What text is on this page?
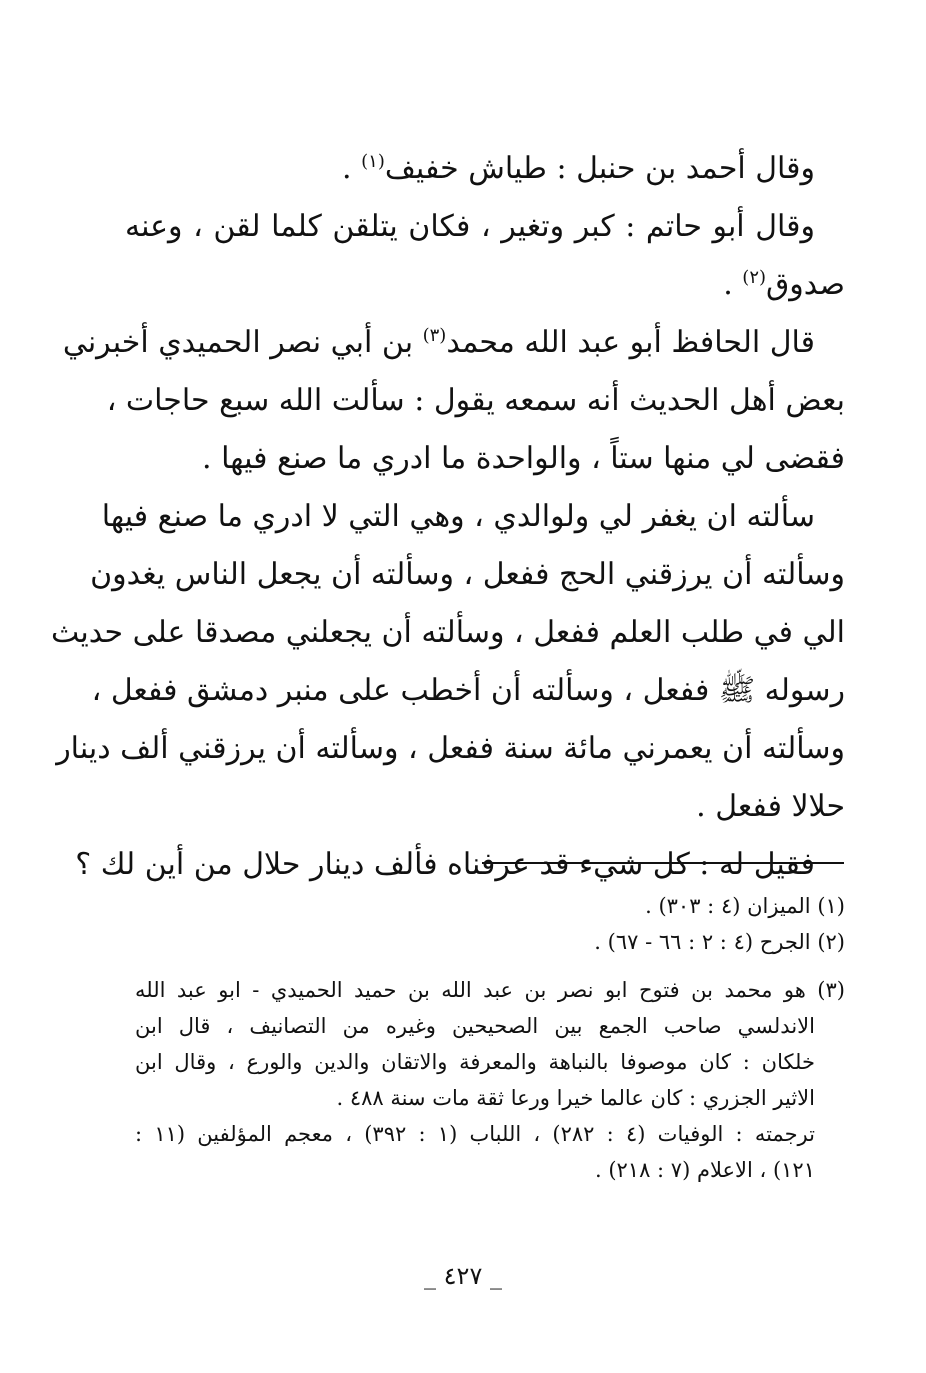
وقال أحمد بن حنبل : طياش خفيف$^{(١)}$ .
وقال أبو حاتم : كبر وتغير ، فكان يتلقن كلما لقن ، وعنه
صدوق$^{(٢)}$ .
قال الحافظ أبو عبد الله محمد$^{(٣)}$ بن أبي نصر الحميدي أخبرني
بعض أهل الحديث أنه سمعه يقول : سألت الله سبع حاجات ،
فقضى لي منها ستاً ، والواحدة ما ادري ما صنع فيها .
سألته ان يغفر لي ولوالدي ، وهي التي لا ادري ما صنع فيها
وسألته أن يرزقني الحج ففعل ، وسألته أن يجعل الناس يغدون
الي في طلب العلم ففعل ، وسألته أن يجعلني مصدقا على حديث
رسوله ﷺ ففعل ، وسألته أن أخطب على منبر دمشق ففعل ،
وسألته أن يعمرني مائة سنة ففعل ، وسألته أن يرزقني ألف دينار
حلالا ففعل .
فقيل له : كل شيء قد عرفناه فألف دينار حلال من أين لك ؟
(١) الميزان (٤ : ٣٠٣) .
(٢) الجرح (٤ : ٢ : ٦٦ - ٦٧) .
(٣) هو محمد بن فتوح ابو نصر بن عبد الله بن حميد الحميدي - ابو عبد الله
الاندلسي صاحب الجمع بين الصحيحين وغيره من التصانيف ، قال ابن
خلكان : كان موصوفا بالنباهة والمعرفة والاتقان والدين والورع ، وقال ابن
الاثير الجزري : كان عالما خيرا ورعا ثقة مات سنة ٤٨٨ .
ترجمته : الوفيات (٤ : ٢٨٢) ، اللباب (١ : ٣٩٢) ، معجم المؤلفين (١١ :
١٢١) ، الاعلام (٧ : ٢١٨) .
_ ٤٢٧ _
